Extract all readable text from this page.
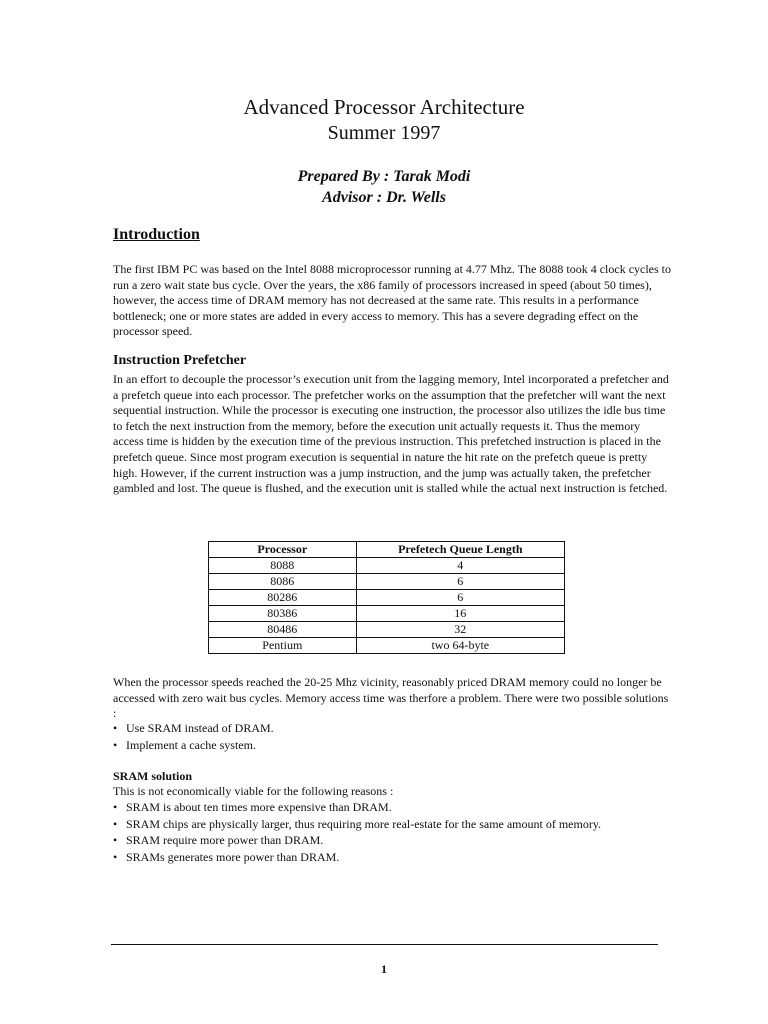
Advanced Processor Architecture
Summer 1997
Prepared By : Tarak Modi
Advisor : Dr. Wells
Introduction
The first IBM PC was based on the Intel 8088 microprocessor running at 4.77 Mhz. The 8088 took 4 clock cycles to run a zero wait state bus cycle. Over the years, the x86 family of processors increased in speed (about 50 times), however, the access time of DRAM memory has not decreased at the same rate. This results in a performance bottleneck; one or more states are added in every access to memory. This has a severe degrading effect on the processor speed.
Instruction Prefetcher
In an effort to decouple the processor’s execution unit from the lagging memory, Intel incorporated a prefetcher and a prefetch queue into each processor. The prefetcher works on the assumption that the prefetcher will want the next sequential instruction. While the processor is executing one instruction, the processor also utilizes the idle bus time to fetch the next instruction from the memory, before the execution unit actually requests it. Thus the memory access time is hidden by the execution time of the previous instruction. This prefetched instruction is placed in the prefetch queue. Since most program execution is sequential in nature the hit rate on the prefetch queue is pretty high. However, if the current instruction was a jump instruction, and the jump was actually taken, the prefetcher gambled and lost. The queue is flushed, and the execution unit is stalled while the actual next instruction is fetched.
Processor	Prefetech Queue Length
8088	4
8086	6
80286	6
80386	16
80486	32
Pentium	two 64-byte
When the processor speeds reached the 20-25 Mhz vicinity, reasonably priced DRAM memory could no longer be accessed with zero wait bus cycles. Memory access time was therfore a problem. There were two possible solutions :
• Use SRAM instead of DRAM.
• Implement a cache system.
SRAM solution
This is not economically viable for the following reasons :
• SRAM is about ten times more expensive than DRAM.
• SRAM chips are physically larger, thus requiring more real-estate for the same amount of memory.
• SRAM require more power than DRAM.
• SRAMs generates more power than DRAM.
1
